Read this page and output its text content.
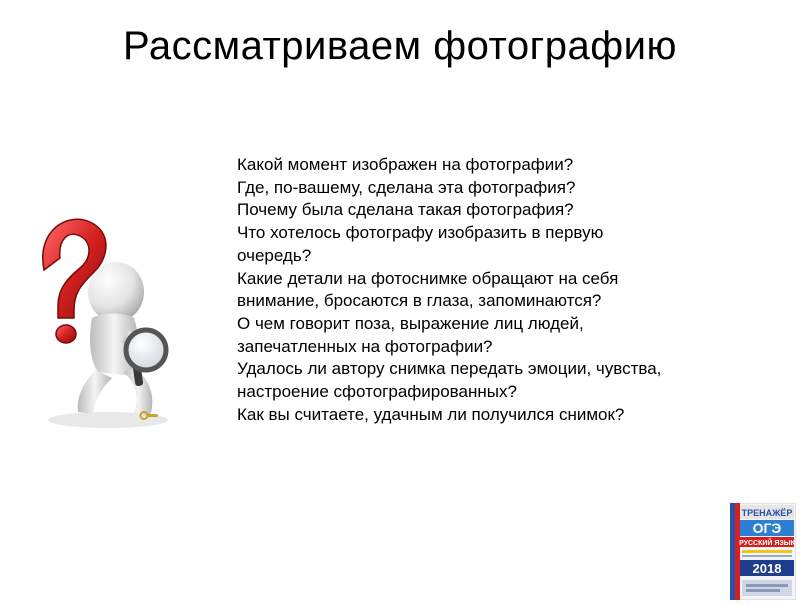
Рассматриваем фотографию
Какой момент изображен на фотографии?
Где, по-вашему, сделана эта фотография?
Почему была сделана такая фотография?
Что хотелось фотографу изобразить в первую
очередь?
Какие детали на фотоснимке обращают на себя
внимание, бросаются в глаза, запоминаются?
О чем говорит поза, выражение лиц людей,
запечатленных на фотографии?
Удалось ли автору снимка передать эмоции, чувства,
настроение сфотографированных?
Как вы считаете, удачным ли получился снимок?
ТРЕНАЖЁР
ОГЭ
РУССКИЙ ЯЗЫК
2018
